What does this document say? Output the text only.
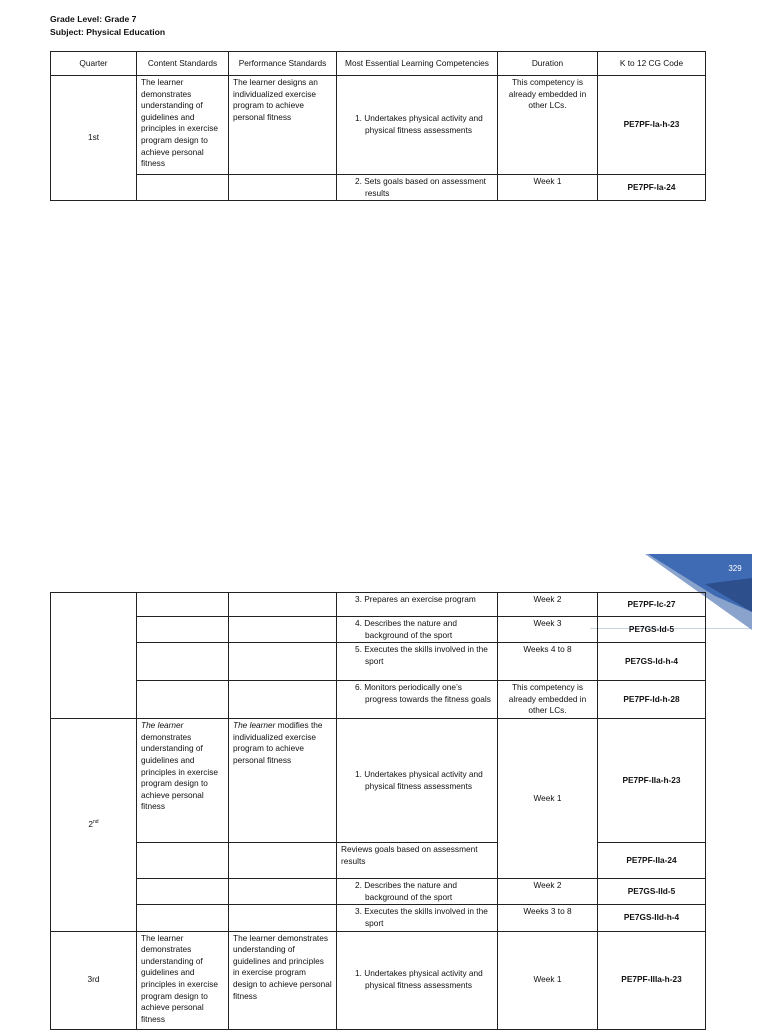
Grade Level: Grade 7
Subject: Physical Education
Quarter	Content Standards	Performance Standards	Most Essential Learning Competencies	Duration	K to 12 CG Code
1st	The learner demonstrates understanding of guidelines and principles in exercise program design to achieve personal fitness	The learner designs an individualized exercise program to achieve personal fitness	1. Undertakes physical activity and physical fitness assessments	This competency is already embedded in other LCs.	PE7PF-Ia-h-23

			2. Sets goals based on assessment results	Week 1	PE7PF-Ia-24
329

			3. Prepares an exercise program	Week 2	PE7PF-Ic-27

			4. Describes the nature and background of the sport	Week 3	PE7GS-Id-5

			5. Executes the skills involved in the sport	Weeks 4 to 8	PE7GS-Id-h-4

			6. Monitors periodically one’s progress towards the fitness goals	This competency is already embedded in other LCs.	PE7PF-Id-h-28
2nd	The learner demonstrates understanding of guidelines and principles in exercise program design to achieve personal fitness	The learner modifies the individualized exercise program to achieve personal fitness	1. Undertakes physical activity and physical fitness assessments	Week 1	PE7PF-IIa-h-23
			Reviews goals based on assessment results		PE7PF-IIa-24

			2. Describes the nature and background of the sport	Week 2	PE7GS-IId-5

			3. Executes the skills involved in the sport	Weeks 3 to 8	PE7GS-IId-h-4
3rd	The learner demonstrates understanding of guidelines and principles in exercise program design to achieve personal fitness	The learner demonstrates understanding of guidelines and principles in exercise program design to achieve personal fitness	1. Undertakes physical activity and physical fitness assessments	Week 1	PE7PF-IIIa-h-23
